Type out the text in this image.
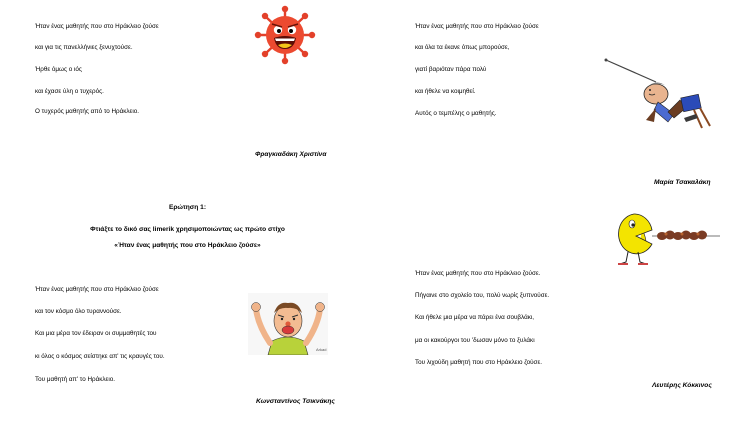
Ήταν ένας μαθητής που στο Ηράκλειο ζούσε
και για τις πανελλήνιες ξενυχτούσε.
Ήρθε όμως ο ιός
και έχασε ύλη ο τυχερός.
Ο τυχερός μαθητής από το Ηράκλειο.
Φραγκιαδάκη Χριστίνα
Ήταν ένας μαθητής που στο Ηράκλειο ζούσε
και όλα τα έκανε όπως μπορούσε,
γιατί βαριόταν πάρα πολύ
και ήθελε να κοιμηθεί.
Αυτός ο τεμπέλης ο μαθητής.
Μαρία Τσακαλάκη
Ερώτηση 1:
Φτιάξτε το δικό σας limerik χρησιμοποιώντας ως πρώτο στίχο
«Ήταν ένας μαθητής που στο Ηράκλειο ζούσε»
Ήταν ένας μαθητής που στο Ηράκλειο ζούσε
και τον κόσμο όλο τυραννούσε.
Και μια μέρα τον έδειραν οι συμμαθητές του
κι όλος ο κόσμος σείστηκε απ' τις κραυγές του.
Του μαθητή απ' το Ηράκλειο.
Κωνσταντίνος Τσικνάκης
Arkad
Ήταν ένας μαθητής που στο Ηράκλειο ζούσε.
Πήγαινε στο σχολείο του, πολύ νωρίς ξυπνούσε.
Και ήθελε μια μέρα να πάρει ένα σουβλάκι,
μα οι κακούργοι του 'δωσαν μόνο το ξυλάκι
Του λιχούδη μαθητή που στο Ηράκλειο ζούσε.
Λευτέρης Κόκκινος
